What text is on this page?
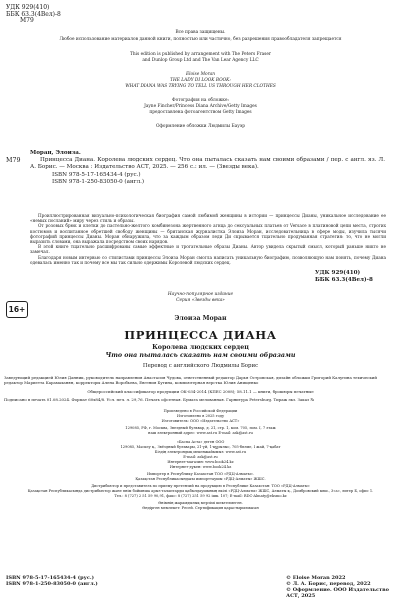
УДК 929(410)
ББК 63.3(4Вел)-8
М79
Все права защищены.
Любое использование материалов данной книги, полностью или частично, без разрешения правообладателя запрещается
This edition is published by arrangement with The Peters Fraser
and Dunlop Group Ltd and The Van Lear Agency LLC
Eloise Moran
THE LADY DI LOOK BOOK:
WHAT DIANA WAS TRYING TO TELL US THROUGH HER CLOTHES
Фотография на обложке:
Jayne Fincher/Princess Diana Archive/Getty Images
предоставлена фотоагентством Getty Images
Оформление обложки Людмилы Бауэр
М79
Моран, Элоиза.
Принцесса Диана. Королева людских сердец. Что она пыталась сказать нам своими образами / пер. с англ. яз. Л. А. Борис. — Москва : Издательство АСТ, 2025. — 256 с.: ил. — (Звезды века).
ISBN 978-5-17-165434-4 (рус.)
ISBN 978-1-250-83050-0 (англ.)

Проиллюстрированная визуально-психологическая биография самой любимой женщины в истории — принцессы Дианы, уникальное исследование ее «немых посланий» миру через стиль и образы.

От розовых брюк и клетки до пастельно-желтого комбинезона жертвенного агнца до сексуальных платьев от Versace в платиновой цепи места, строгих костюмов и воспитанное обретшей свободу женщины — британская журналистка Элоиза Моран, исследовательница в сфере моды, изучила тысячи фотографий принцессы Дианы. Моран обнаружила, что за каждым образом леди Ди скрывается тщательно продуманная стратегия: то, что не могли выразить словами, она выражала посредством своих нарядов.

В этой книге тщательно расшифрованы самые эффектные и трогательные образы Дианы. Автор увидела скрытый смысл, который раньше никто не замечал.

Благодаря новым интервью со стилистами принцессы Элоиза Моран смогла написать уникальную биографию, позволяющую нам понять, почему Диана одевалась именно так и почему все мы так сильно одержимы Королевой людских сердец.

УДК 929(410)
ББК 63.3(4Вел)-8
Научно-популярное издание
Серия «Звезды века»
16+
Элоиза Моран
ПРИНЦЕССА ДИАНА
Королева людских сердец
Что она пыталась сказать нам своими образами
Перевод с английского Людмилы Борис
Заведующий редакцией Юлия Данник, руководитель направления Анастасия Чудова, ответственный редактор Дарья Островская, дизайн обложки Григорий Калугина техический редактор Мариетта Карамаханян, корректоры Алена Воробьева, Евгения Бутина, компьютерная верстка Юлия Анищенко
Общероссийский классификатор продукции ОК-034-2014 (КПЕС 2008); 58.11.1 — книги, брошюры печатные
Подписано в печать 01.08.2024. Формат 60х84/8. Усл. печ. л. 29,76. Печать офсетная. Бумага мелованная. Гарнитура Petersburg. Тираж экз. Заказ №
Произведено в Российской Федерации
Изготовлено в 2025 году
Изготовитель: ООО «Издательство АСТ»
129085, РФ, г. Москва, Звездный бульвар, д. 21, стр. 1, ком. 705, пом. I, 7 этаж
наш электронный адрес: www.ast.ru E-mail: ask@ast.ru
«Баспа Аста» деген ООО
129085, Мәскеу қ., Звёздный бульвары, 21-үй, 1-құрылыс, 705-бөлме, I жай, 7-қабат
Біздің электрондық мекенжайымыз: www.ast.ru
E-mail: ask@ast.ru
Интернет-магазин: www.book24.kz
Интернет-дүкен: www.book24.kz
Импортер в Республику Казахстан ТОО «РДЦ-Алматы».
Қазақстан Республикасындағы импорттаушы «РДЦ-Алматы» ЖШС.
Дистрибьютор и представитель по приему претензий на продукцию в Республике Казахстан: ТОО «РДЦ-Алматы»
Қазақстан Республикасында дистрибьютор және өнім бойынша арыз-талаптарды қабылдаушының өкілі «РДЦ-Алматы» ЖШС, Алматы қ., Домбровский көш., 3«а», литер Б, офис 1.
Тел.: 8 (727) 2 51 59 90,91, факс: 8 (727) 251 59 92 ішк. 107; E-mail: RDC-Almaty@eksmo.kz
Өнімнің жарамдылық мерзімі шектелмеген.
Өндірген мемлекет: Ресей. Сертификация қарастырылмаған
ISBN 978-5-17-165434-4 (рус.)
ISBN 978-1-250-83050-0 (англ.)
© Eloise Moran 2022
© Л. А. Борис, перевод, 2022
© Оформление. ООО Издательство АСТ, 2025
